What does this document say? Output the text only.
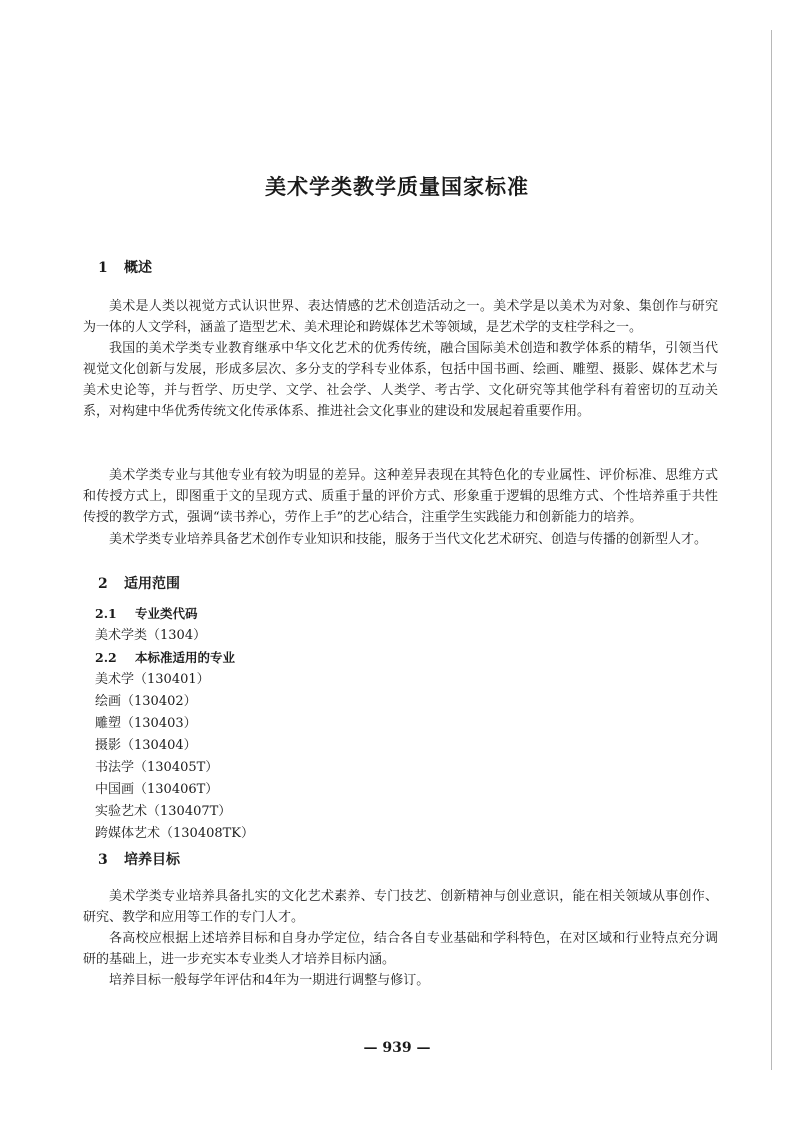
美术学类教学质量国家标准
1 概述

美术是人类以视觉方式认识世界、表达情感的艺术创造活动之一。美术学是以美术为对象、集创作与研究为一体的人文学科，涵盖了造型艺术、美术理论和跨媒体艺术等领域，是艺术学的支柱学科之一。

我国的美术学类专业教育继承中华文化艺术的优秀传统，融合国际美术创造和教学体系的精华，引领当代视觉文化创新与发展，形成多层次、多分支的学科专业体系，包括中国书画、绘画、雕塑、摄影、媒体艺术与美术史论等，并与哲学、历史学、文学、社会学、人类学、考古学、文化研究等其他学科有着密切的互动关系，对构建中华优秀传统文化传承体系、推进社会文化事业的建设和发展起着重要作用。

美术学类专业与其他专业有较为明显的差异。这种差异表现在其特色化的专业属性、评价标准、思维方式和传授方式上，即图重于文的呈现方式、质重于量的评价方式、形象重于逻辑的思维方式、个性培养重于共性传授的教学方式，强调“读书养心，劳作上手”的艺心结合，注重学生实践能力和创新能力的培养。

美术学类专业培养具备艺术创作专业知识和技能，服务于当代文化艺术研究、创造与传播的创新型人才。

2 适用范围
2.1 专业类代码
美术学类（1304）
2.2 本标准适用的专业
美术学（130401）
绘画（130402）
雕塑（130403）
摄影（130404）
书法学（130405T）
中国画（130406T）
实验艺术（130407T）
跨媒体艺术（130408TK）
3 培养目标

美术学类专业培养具备扎实的文化艺术素养、专门技艺、创新精神与创业意识，能在相关领域从事创作、研究、教学和应用等工作的专门人才。

各高校应根据上述培养目标和自身办学定位，结合各自专业基础和学科特色，在对区域和行业特点充分调研的基础上，进一步充实本专业类人才培养目标内涵。

培养目标一般每学年评估和4年为一期进行调整与修订。

— 939 —
